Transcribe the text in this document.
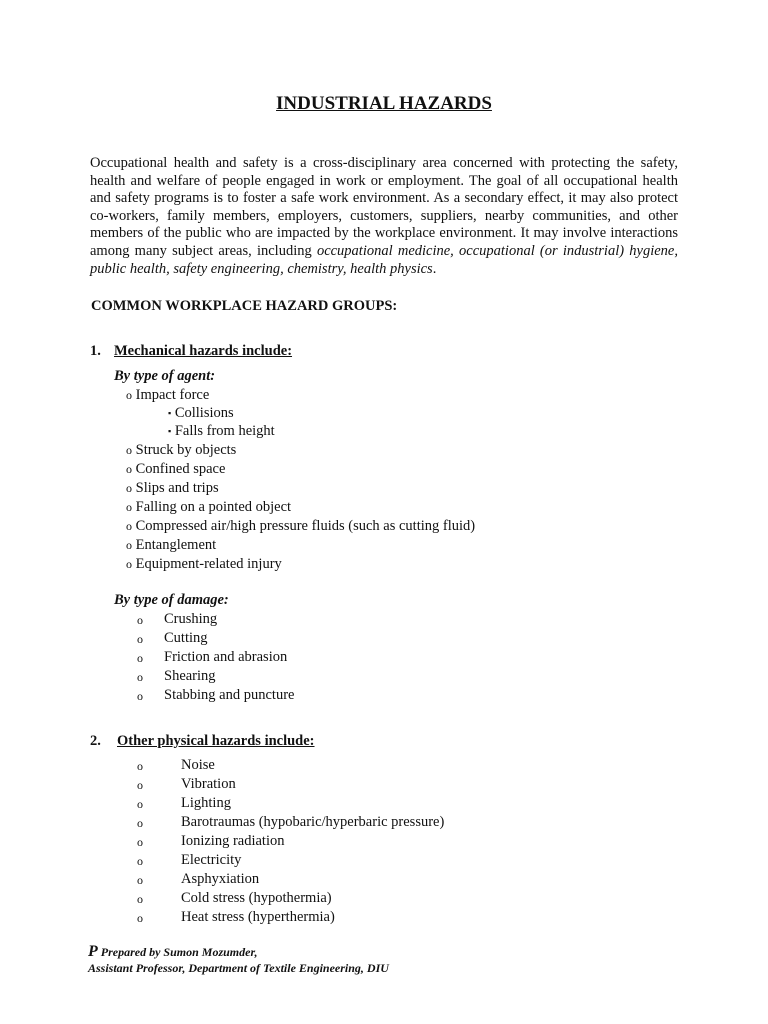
INDUSTRIAL HAZARDS

Occupational health and safety is a cross-disciplinary area concerned with protecting the safety, health and welfare of people engaged in work or employment. The goal of all occupational health and safety programs is to foster a safe work environment. As a secondary effect, it may also protect co-workers, family members, employers, customers, suppliers, nearby communities, and other members of the public who are impacted by the workplace environment. It may involve interactions among many subject areas, including occupational medicine, occupational (or industrial) hygiene, public health, safety engineering, chemistry, health physics.

COMMON WORKPLACE HAZARD GROUPS:
1. Mechanical hazards include:
By type of agent:
o Impact force
▪ Collisions
▪ Falls from height
o Struck by objects
o Confined space
o Slips and trips
o Falling on a pointed object
o Compressed air/high pressure fluids (such as cutting fluid)
o Entanglement
o Equipment-related injury
By type of damage:
o Crushing
o Cutting
o Friction and abrasion
o Shearing
o Stabbing and puncture
2. Other physical hazards include:
o	Noise
o	Vibration
o	Lighting
o	Barotraumas (hypobaric/hyperbaric pressure)
o	Ionizing radiation
o	Electricity
o	Asphyxiation
o	Cold stress (hypothermia)
o	Heat stress (hyperthermia)
P Prepared by Sumon Mozumder,
Assistant Professor, Department of Textile Engineering, DIU
